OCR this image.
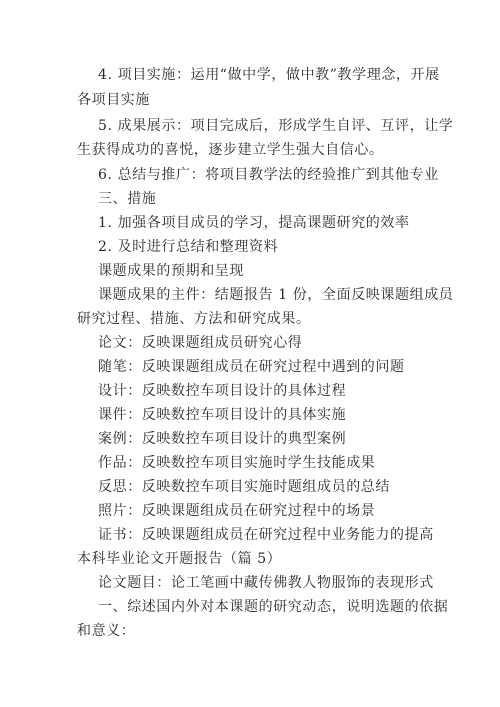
4. 项目实施：运用“做中学，做中教”教学理念，开展
各项目实施
5. 成果展示：项目完成后，形成学生自评、互评，让学
生获得成功的喜悦，逐步建立学生强大自信心。
6. 总结与推广：将项目教学法的经验推广到其他专业
三、措施
1. 加强各项目成员的学习，提高课题研究的效率
2. 及时进行总结和整理资料
课题成果的预期和呈现
课题成果的主件：结题报告 1 份，全面反映课题组成员
研究过程、措施、方法和研究成果。
论文：反映课题组成员研究心得
随笔：反映课题组成员在研究过程中遇到的问题
设计：反映数控车项目设计的具体过程
课件：反映数控车项目设计的具体实施
案例：反映数控车项目设计的典型案例
作品：反映数控车项目实施时学生技能成果
反思：反映数控车项目实施时题组成员的总结
照片：反映课题组成员在研究过程中的场景
证书：反映课题组成员在研究过程中业务能力的提高
本科毕业论文开题报告（篇 5）
论文题目：论工笔画中藏传佛教人物服饰的表现形式
一、综述国内外对本课题的研究动态，说明选题的依据
和意义：
